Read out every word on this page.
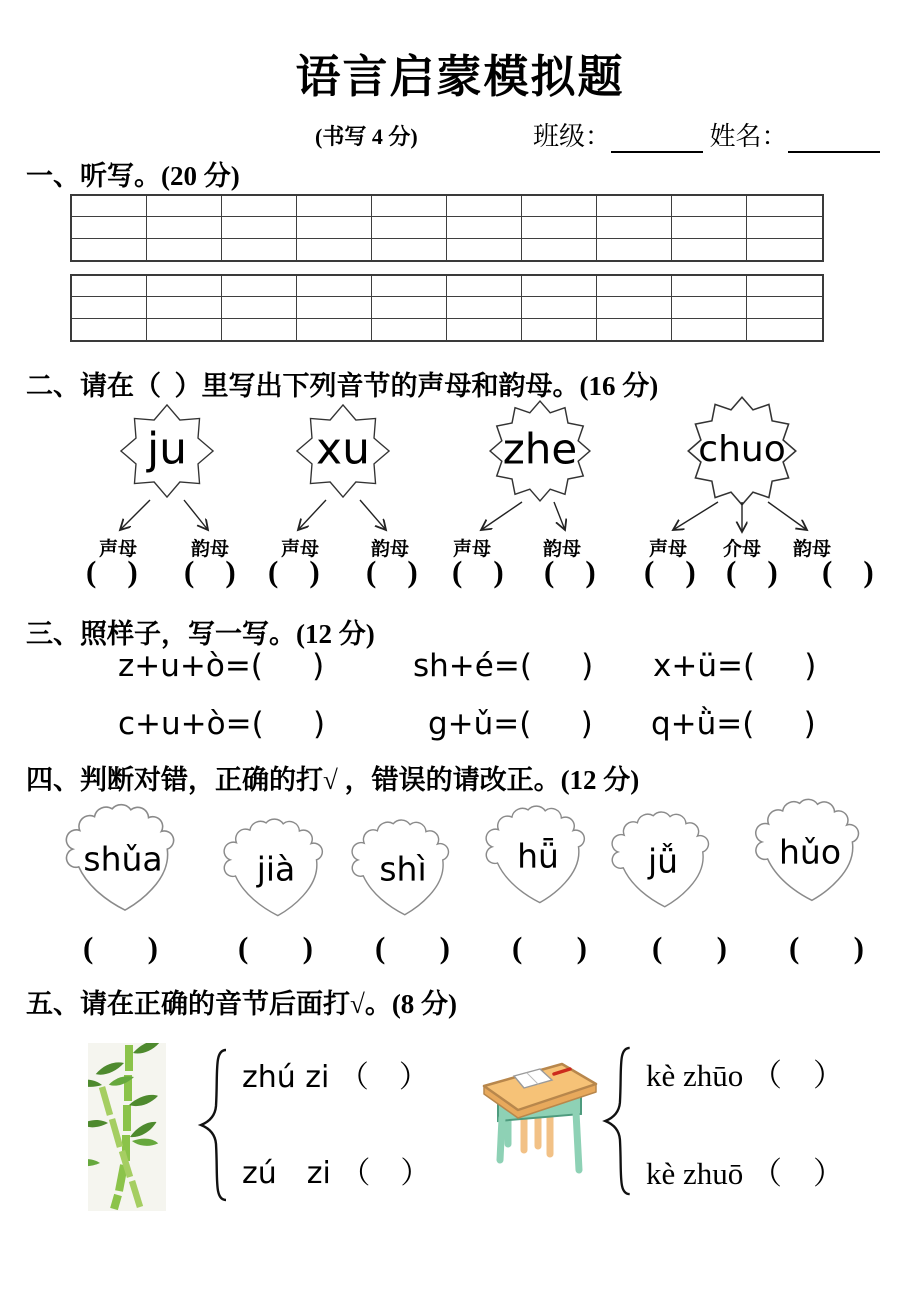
语言启蒙模拟题
(书写 4 分)	班级：	姓名：
一、听写。(20 分)
二、请在（  ）里写出下列音节的声母和韵母。(16 分)
ju	xu	zhe	chuo
声母	韵母	声母	韵母 声母	韵母	声母 介母 韵母
(    ) (    ) (    ) (    ) (    ) (    ) (    ) (    ) (    )
三、照样子，写一写。(12 分)
z+u+ò=(     )	sh+é=(     ) x+ü=(     )
c+u+ò=(     )	g+ǔ=(     ) q+ǜ=(     )
四、判断对错，正确的打√ ，错误的请改正。(12 分)
shǔa	jià	shì	hǖ	jǚ	hǔo
(       )	(       ) (       ) (       ) (       ) (       )
五、请在正确的音节后面打√。(8 分)
zhú zi （　）
zú　zi （　）
kè zhūo （　）
kè zhuō （　）
